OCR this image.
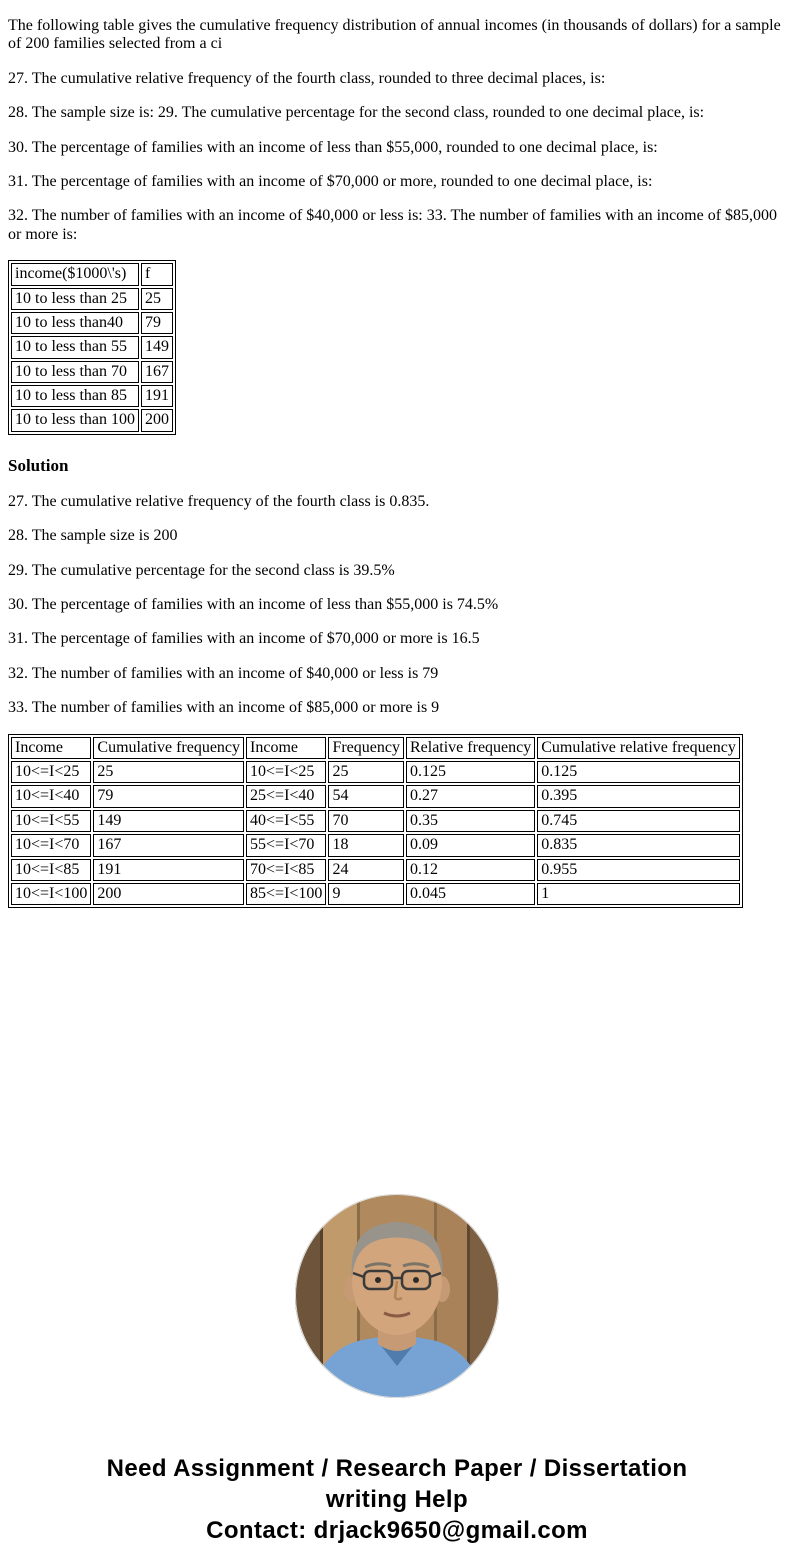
The following table gives the cumulative frequency distribution of annual incomes (in thousands of dollars) for a sample of 200 families selected from a ci

27. The cumulative relative frequency of the fourth class, rounded to three decimal places, is:

28. The sample size is: 29. The cumulative percentage for the second class, rounded to one decimal place, is:

30. The percentage of families with an income of less than $55,000, rounded to one decimal place, is:

31. The percentage of families with an income of $70,000 or more, rounded to one decimal place, is:

32. The number of families with an income of $40,000 or less is: 33. The number of families with an income of $85,000 or more is:

income($1000\'s)	f
10 to less than 25	25
10 to less than40	79
10 to less than 55	149
10 to less than 70	167
10 to less than 85	191
10 to less than 100	200
Solution

27. The cumulative relative frequency of the fourth class is 0.835.

28. The sample size is 200

29. The cumulative percentage for the second class is 39.5%

30. The percentage of families with an income of less than $55,000 is 74.5%

31. The percentage of families with an income of $70,000 or more is 16.5

32. The number of families with an income of $40,000 or less is 79

33. The number of families with an income of $85,000 or more is 9

Income	Cumulative frequency	Income	Frequency	Relative frequency	Cumulative relative frequency
10<=I<25	25	10<=I<25	25	0.125	0.125
10<=I<40	79	25<=I<40	54	0.27	0.395
10<=I<55	149	40<=I<55	70	0.35	0.745
10<=I<70	167	55<=I<70	18	0.09	0.835
10<=I<85	191	70<=I<85	24	0.12	0.955
10<=I<100	200	85<=I<100	9	0.045	1
Need Assignment / Research Paper / Dissertation writing Help
Contact: drjack9650@gmail.com
